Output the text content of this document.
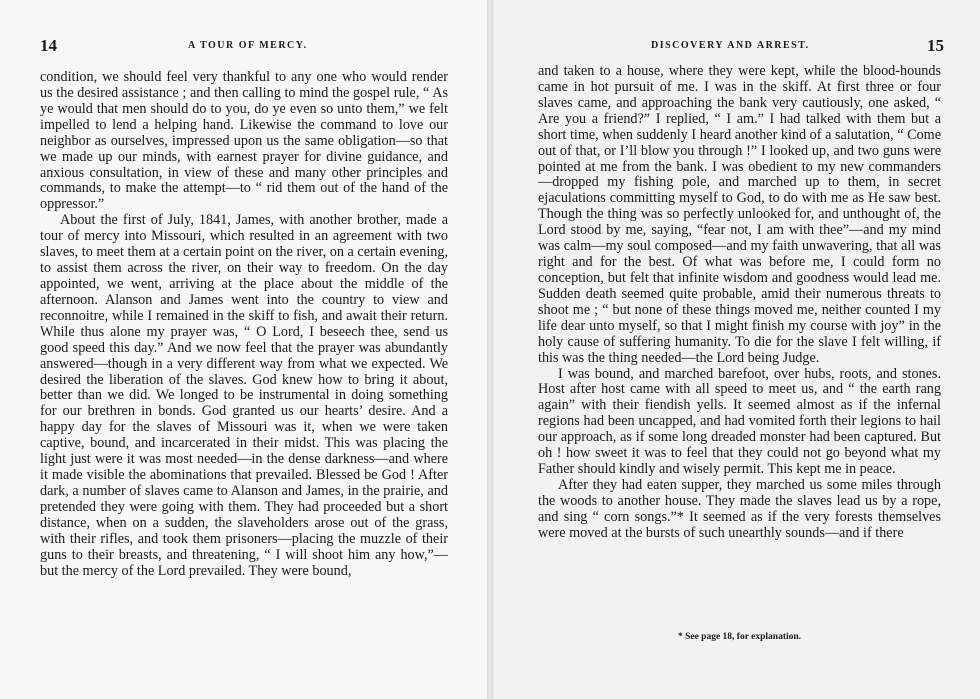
14	A TOUR OF MERCY.

condition, we should feel very thankful to any one who would render us the desired assistance ; and then calling to mind the gospel rule, “ As ye would that men should do to you, do ye even so unto them,” we felt impelled to lend a helping hand. Likewise the command to love our neighbor as ourselves, impressed upon us the same obligation—so that we made up our minds, with earnest prayer for divine guidance, and anxious consultation, in view of these and many other principles and commands, to make the attempt—to “ rid them out of the hand of the oppressor.”

About the first of July, 1841, James, with another brother, made a tour of mercy into Missouri, which resulted in an agreement with two slaves, to meet them at a certain point on the river, on a certain evening, to assist them across the river, on their way to freedom. On the day appointed, we went, arriving at the place about the middle of the afternoon. Alanson and James went into the country to view and reconnoitre, while I remained in the skiff to fish, and await their return. While thus alone my prayer was, “ O Lord, I beseech thee, send us good speed this day.” And we now feel that the prayer was abundantly answered—though in a very different way from what we expected. We desired the liberation of the slaves. God knew how to bring it about, better than we did. We longed to be instrumental in doing something for our brethren in bonds. God granted us our hearts’ desire. And a happy day for the slaves of Missouri was it, when we were taken captive, bound, and incarcerated in their midst. This was placing the light just were it was most needed—in the dense darkness—and where it made visible the abominations that prevailed. Blessed be God ! After dark, a number of slaves came to Alanson and James, in the prairie, and pretended they were going with them. They had proceeded but a short distance, when on a sudden, the slaveholders arose out of the grass, with their rifles, and took them prisoners—placing the muzzle of their guns to their breasts, and threatening, “ I will shoot him any how,”—but the mercy of the Lord prevailed. They were bound,

DISCOVERY AND ARREST.	15

and taken to a house, where they were kept, while the blood-hounds came in hot pursuit of me. I was in the skiff. At first three or four slaves came, and approaching the bank very cautiously, one asked, “ Are you a friend?” I replied, “ I am.” I had talked with them but a short time, when suddenly I heard another kind of a salutation, “ Come out of that, or I’ll blow you through !” I looked up, and two guns were pointed at me from the bank. I was obedient to my new commanders—dropped my fishing pole, and marched up to them, in secret ejaculations committing myself to God, to do with me as He saw best. Though the thing was so perfectly unlooked for, and unthought of, the Lord stood by me, saying, “fear not, I am with thee”—and my mind was calm—my soul composed—and my faith unwavering, that all was right and for the best. Of what was before me, I could form no conception, but felt that infinite wisdom and goodness would lead me. Sudden death seemed quite probable, amid their numerous threats to shoot me ; “ but none of these things moved me, neither counted I my life dear unto myself, so that I might finish my course with joy” in the holy cause of suffering humanity. To die for the slave I felt willing, if this was the thing needed—the Lord being Judge.

I was bound, and marched barefoot, over hubs, roots, and stones. Host after host came with all speed to meet us, and “ the earth rang again” with their fiendish yells. It seemed almost as if the infernal regions had been uncapped, and had vomited forth their legions to hail our approach, as if some long dreaded monster had been captured. But oh ! how sweet it was to feel that they could not go beyond what my Father should kindly and wisely permit. This kept me in peace.

After they had eaten supper, they marched us some miles through the woods to another house. They made the slaves lead us by a rope, and sing “ corn songs.”* It seemed as if the very forests themselves were moved at the bursts of such unearthly sounds—and if there

* See page 18, for explanation.
